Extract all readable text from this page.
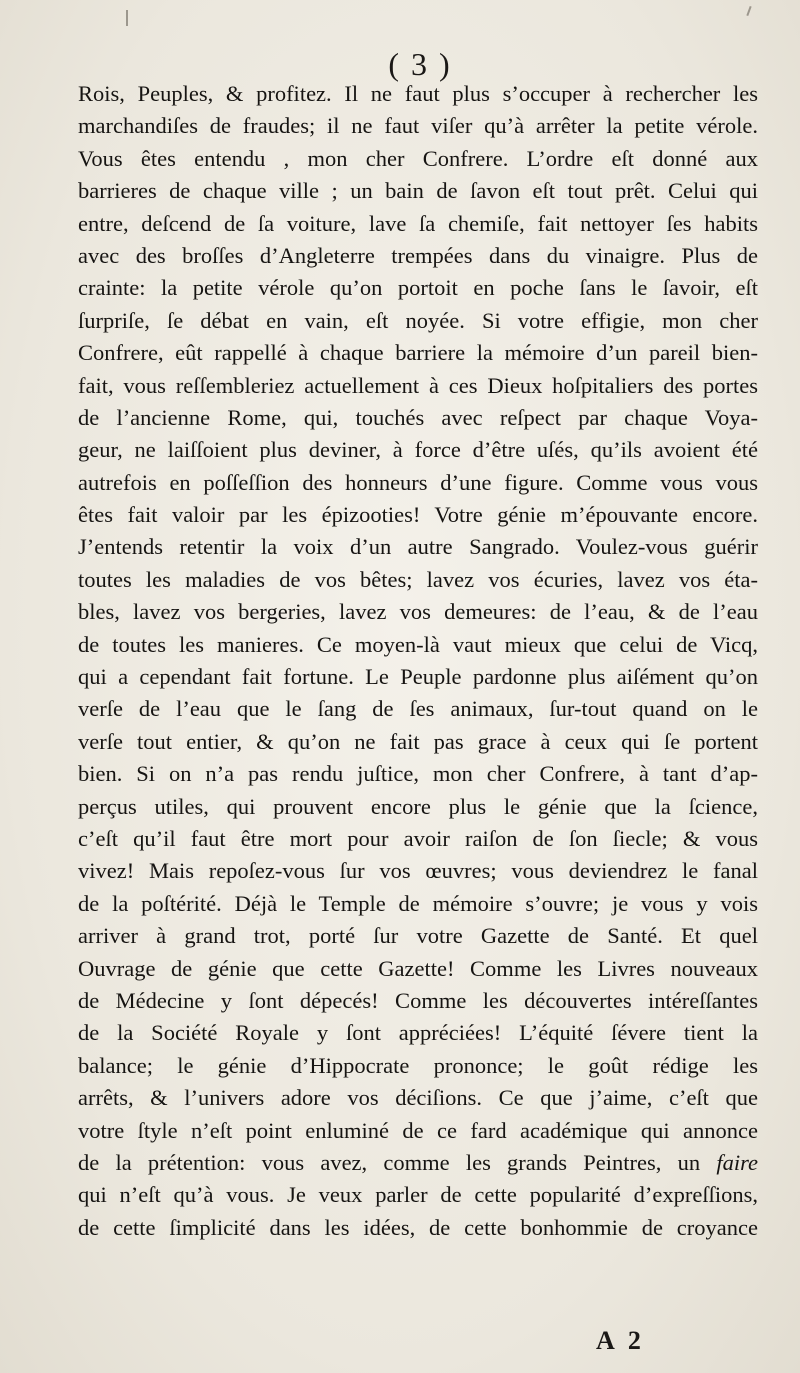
( 3 )
Rois, Peuples, & profitez. Il ne faut plus s’occuper à rechercher les
marchandiſes de fraudes; il ne faut viſer qu’à arrêter la petite vérole.
Vous êtes entendu , mon cher Confrere. L’ordre eſt donné aux
barrieres de chaque ville ; un bain de ſavon eſt tout prêt. Celui qui
entre, deſcend de ſa voiture, lave ſa chemiſe, fait nettoyer ſes habits
avec des broſſes d’Angleterre trempées dans du vinaigre. Plus de
crainte: la petite vérole qu’on portoit en poche ſans le ſavoir, eſt
ſurpriſe, ſe débat en vain, eſt noyée. Si votre effigie, mon cher
Confrere, eût rappellé à chaque barriere la mémoire d’un pareil bien-
fait, vous reſſembleriez actuellement à ces Dieux hoſpitaliers des portes
de l’ancienne Rome, qui, touchés avec reſpect par chaque Voya-
geur, ne laiſſoient plus deviner, à force d’être uſés, qu’ils avoient été
autrefois en poſſeſſion des honneurs d’une figure. Comme vous vous
êtes fait valoir par les épizooties! Votre génie m’épouvante encore.
J’entends retentir la voix d’un autre Sangrado. Voulez-vous guérir
toutes les maladies de vos bêtes; lavez vos écuries, lavez vos éta-
bles, lavez vos bergeries, lavez vos demeures: de l’eau, & de l’eau
de toutes les manieres. Ce moyen-là vaut mieux que celui de Vicq,
qui a cependant fait fortune. Le Peuple pardonne plus aiſément qu’on
verſe de l’eau que le ſang de ſes animaux, ſur-tout quand on le
verſe tout entier, & qu’on ne fait pas grace à ceux qui ſe portent
bien. Si on n’a pas rendu juſtice, mon cher Confrere, à tant d’ap-
perçus utiles, qui prouvent encore plus le génie que la ſcience,
c’eſt qu’il faut être mort pour avoir raiſon de ſon ſiecle; & vous
vivez! Mais repoſez-vous ſur vos œuvres; vous deviendrez le fanal
de la poſtérité. Déjà le Temple de mémoire s’ouvre; je vous y vois
arriver à grand trot, porté ſur votre Gazette de Santé. Et quel
Ouvrage de génie que cette Gazette! Comme les Livres nouveaux
de Médecine y ſont dépecés! Comme les découvertes intéreſſantes
de la Société Royale y ſont appréciées! L’équité ſévere tient la
balance; le génie d’Hippocrate prononce; le goût rédige les
arrêts, & l’univers adore vos déciſions. Ce que j’aime, c’eſt que
votre ſtyle n’eſt point enluminé de ce fard académique qui annonce
de la prétention: vous avez, comme les grands Peintres, un faire
qui n’eſt qu’à vous. Je veux parler de cette popularité d’expreſſions,
de cette ſimplicité dans les idées, de cette bonhommie de croyance
A 2
